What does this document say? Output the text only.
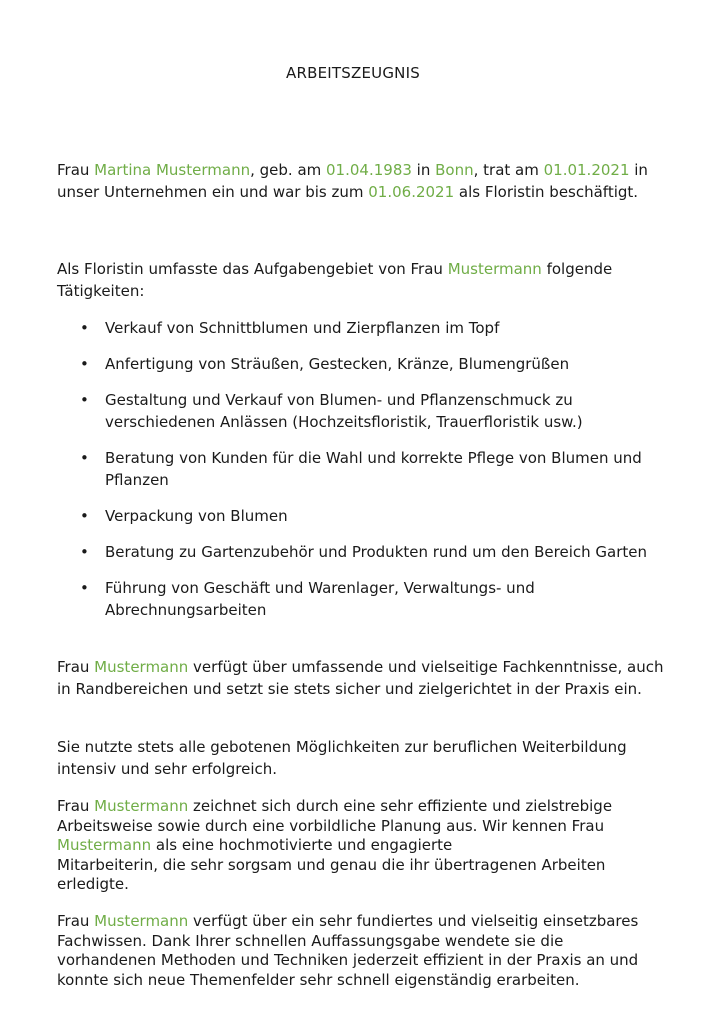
ARBEITSZEUGNIS

Frau Martina Mustermann, geb. am 01.04.1983 in Bonn, trat am 01.01.2021 in unser Unternehmen ein und war bis zum 01.06.2021 als Floristin beschäftigt.

Als Floristin umfasste das Aufgabengebiet von Frau Mustermann folgende Tätigkeiten:

• Verkauf von Schnittblumen und Zierpflanzen im Topf
• Anfertigung von Sträußen, Gestecken, Kränze, Blumengrüßen
• Gestaltung und Verkauf von Blumen- und Pflanzenschmuck zu verschiedenen Anlässen (Hochzeitsfloristik, Trauerfloristik usw.)
• Beratung von Kunden für die Wahl und korrekte Pflege von Blumen und Pflanzen
• Verpackung von Blumen
• Beratung zu Gartenzubehör und Produkten rund um den Bereich Garten
• Führung von Geschäft und Warenlager, Verwaltungs- und Abrechnungsarbeiten

Frau Mustermann verfügt über umfassende und vielseitige Fachkenntnisse, auch in Randbereichen und setzt sie stets sicher und zielgerichtet in der Praxis ein.

Sie nutzte stets alle gebotenen Möglichkeiten zur beruflichen Weiterbildung intensiv und sehr erfolgreich.

Frau Mustermann zeichnet sich durch eine sehr effiziente und zielstrebige Arbeitsweise sowie durch eine vorbildliche Planung aus. Wir kennen Frau Mustermann als eine hochmotivierte und engagierte
Mitarbeiterin, die sehr sorgsam und genau die ihr übertragenen Arbeiten erledigte.

Frau Mustermann verfügt über ein sehr fundiertes und vielseitig einsetzbares Fachwissen. Dank Ihrer schnellen Auffassungsgabe wendete sie die vorhandenen Methoden und Techniken jederzeit effizient in der Praxis an und konnte sich neue Themenfelder sehr schnell eigenständig erarbeiten.
